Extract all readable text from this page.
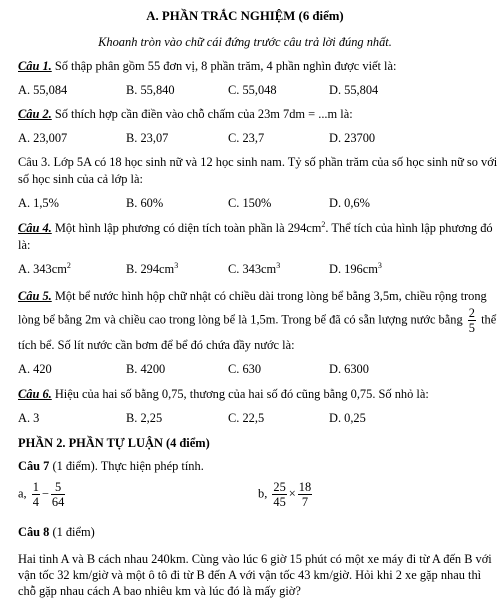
A. PHẦN TRẮC NGHIỆM (6 điểm)
Khoanh tròn vào chữ cái đứng trước câu trả lời đúng nhất.
Câu 1. Số thập phân gồm 55 đơn vị, 8 phần trăm, 4 phần nghìn được viết là:
A. 55,084	B. 55,840	C. 55,048	D. 55,804
Câu 2. Số thích hợp cần điền vào chỗ chấm của 23m 7dm = ...m là:
A. 23,007	B. 23,07	C. 23,7	D. 23700
Câu 3. Lớp 5A có 18 học sinh nữ và 12 học sinh nam. Tỷ số phần trăm của số học sinh nữ so với
số học sinh của cả lớp là:
A. 1,5%	B. 60%	C. 150%	D. 0,6%
Câu 4. Một hình lập phương có diện tích toàn phần là $294cm^2$. Thể tích của hình lập phương đó
là:
A. $343cm^2$	B. $294cm^3$	C. $343cm^3$	D. $196cm^3$
Câu 5. Một bể nước hình hộp chữ nhật có chiều dài trong lòng bể bằng 3,5m, chiều rộng trong
lòng bể bằng 2m và chiều cao trong lòng bể là 1,5m. Trong bể đã có sẵn lượng nước bằng $\frac{2}{5}$ thể
tích bể. Số lít nước cần bơm để bể đó chứa đầy nước là:
A. 420	B. 4200	C. 630	D. 6300
Câu 6. Hiệu của hai số bằng 0,75, thương của hai số đó cũng bằng 0,75. Số nhỏ là:
A. 3	B. 2,25	C. 22,5	D. 0,25
PHẦN 2. PHẦN TỰ LUẬN (4 điểm)
Câu 7 (1 điểm). Thực hiện phép tính.
a, $\frac{1}{4} - \frac{5}{64}$	b, $\frac{25}{45} \times \frac{18}{7}$
Câu 8 (1 điểm)
Hai tỉnh A và B cách nhau 240km. Cùng vào lúc 6 giờ 15 phút có một xe máy đi từ A đến B với
vận tốc 32 km/giờ và một ô tô đi từ B đến A với vận tốc 43 km/giờ. Hỏi khi 2 xe gặp nhau thì
chỗ gặp nhau cách A bao nhiêu km và lúc đó là mấy giờ?
